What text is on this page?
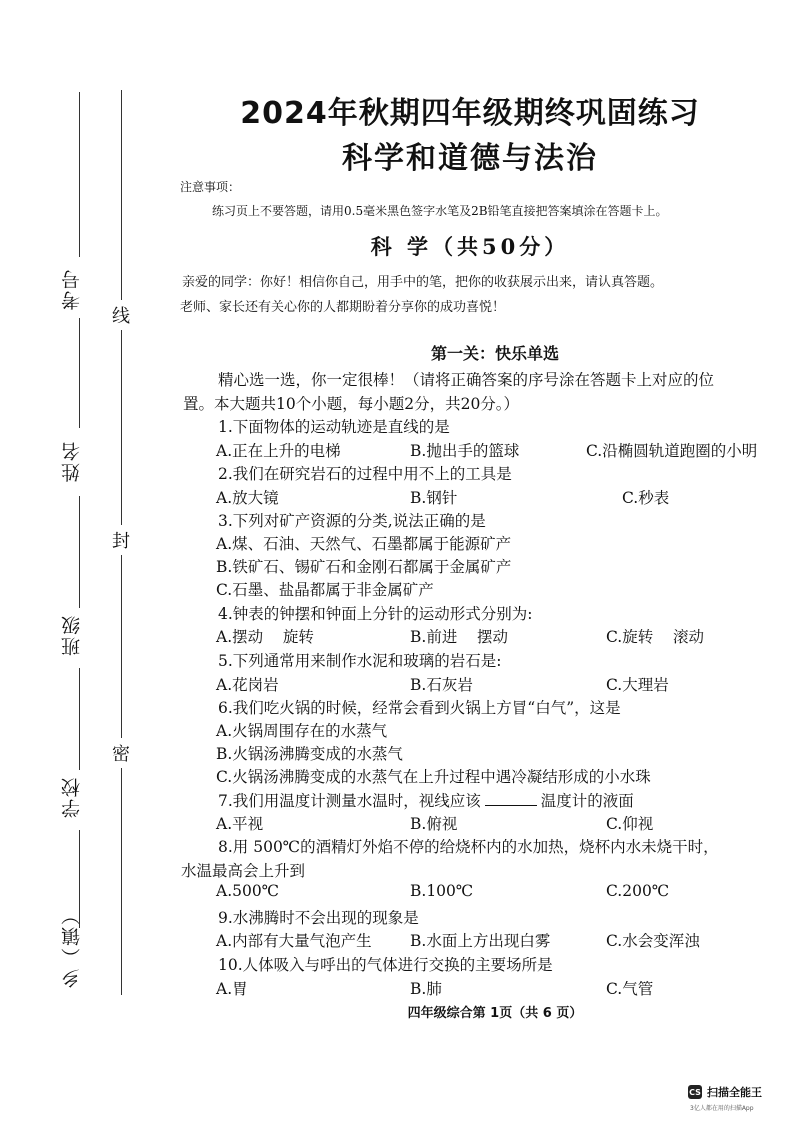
考号
姓名
班级
学校
乡（镇）
线
封
密
2024年秋期四年级期终巩固练习
科学和道德与法治
注意事项：
练习页上不要答题，请用0.5毫米黑色签字水笔及2B铅笔直接把答案填涂在答题卡上。
科 学（共50分）
亲爱的同学：你好！相信你自己，用手中的笔，把你的收获展示出来，请认真答题。
老师、家长还有关心你的人都期盼着分享你的成功喜悦！
第一关：快乐单选
精心选一选，你一定很棒！（请将正确答案的序号涂在答题卡上对应的位
置。本大题共10个小题，每小题2分，共20分。）
1.下面物体的运动轨迹是直线的是
A.正在上升的电梯	B.抛出手的篮球	C.沿椭圆轨道跑圈的小明
2.我们在研究岩石的过程中用不上的工具是
A.放大镜	B.钢针	C.秒表
3.下列对矿产资源的分类,说法正确的是
A.煤、石油、天然气、石墨都属于能源矿产
B.铁矿石、锡矿石和金刚石都属于金属矿产
C.石墨、盐晶都属于非金属矿产
4.钟表的钟摆和钟面上分针的运动形式分别为:
A.摆动    旋转	B.前进    摆动	C.旋转    滚动
5.下列通常用来制作水泥和玻璃的岩石是:
A.花岗岩	B.石灰岩	C.大理岩
6.我们吃火锅的时候，经常会看到火锅上方冒“白气”，这是
A.火锅周围存在的水蒸气
B.火锅汤沸腾变成的水蒸气
C.火锅汤沸腾变成的水蒸气在上升过程中遇冷凝结形成的小水珠
7.我们用温度计测量水温时，视线应该	温度计的液面
A.平视	B.俯视	C.仰视
8.用 500℃的酒精灯外焰不停的给烧杯内的水加热，烧杯内水未烧干时，
水温最高会上升到
A.500℃	B.100℃	C.200℃
9.水沸腾时不会出现的现象是
A.内部有大量气泡产生 B.水面上方出现白雾	C.水会变浑浊
10.人体吸入与呼出的气体进行交换的主要场所是
A.胃	B.肺	C.气管
四年级综合第 1页（共 6 页）
CS 扫描全能王
3亿人都在用的扫描App
